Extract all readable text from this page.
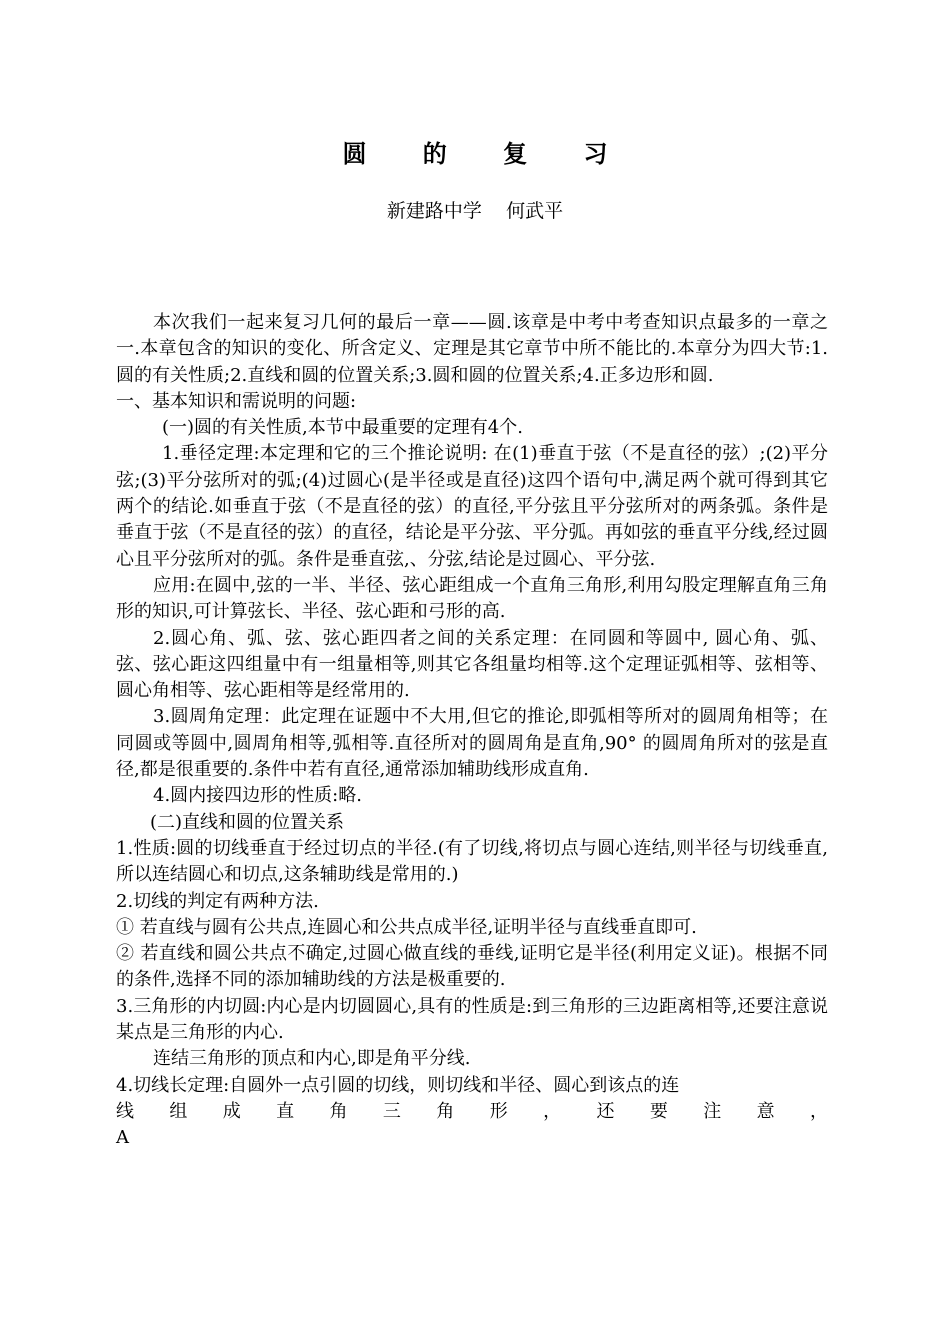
圆 的 复 习
新建路中学    何武平

本次我们一起来复习几何的最后一章——圆.该章是中考中考查知识点最多的一章之一.本章包含的知识的变化、所含定义、定理是其它章节中所不能比的.本章分为四大节:1.圆的有关性质;2.直线和圆的位置关系;3.圆和圆的位置关系;4.正多边形和圆.

一、基本知识和需说明的问题:

(一)圆的有关性质,本节中最重要的定理有4个.

1.垂径定理:本定理和它的三个推论说明: 在(1)垂直于弦（不是直径的弦）;(2)平分弦;(3)平分弦所对的弧;(4)过圆心(是半径或是直径)这四个语句中,满足两个就可得到其它两个的结论.如垂直于弦（不是直径的弦）的直径,平分弦且平分弦所对的两条弧。条件是垂直于弦（不是直径的弦）的直径，结论是平分弦、平分弧。再如弦的垂直平分线,经过圆心且平分弦所对的弧。条件是垂直弦,、分弦,结论是过圆心、平分弦.

应用:在圆中,弦的一半、半径、弦心距组成一个直角三角形,利用勾股定理解直角三角形的知识,可计算弦长、半径、弦心距和弓形的高.

2.圆心角、弧、弦、弦心距四者之间的关系定理：在同圆和等圆中, 圆心角、弧、弦、弦心距这四组量中有一组量相等,则其它各组量均相等.这个定理证弧相等、弦相等、圆心角相等、弦心距相等是经常用的.

3.圆周角定理：此定理在证题中不大用,但它的推论,即弧相等所对的圆周角相等；在同圆或等圆中,圆周角相等,弧相等.直径所对的圆周角是直角,90° 的圆周角所对的弦是直径,都是很重要的.条件中若有直径,通常添加辅助线形成直角.

4.圆内接四边形的性质:略.

(二)直线和圆的位置关系

1.性质:圆的切线垂直于经过切点的半径.(有了切线,将切点与圆心连结,则半径与切线垂直,所以连结圆心和切点,这条辅助线是常用的.)

2.切线的判定有两种方法.

① 若直线与圆有公共点,连圆心和公共点成半径,证明半径与直线垂直即可.

② 若直线和圆公共点不确定,过圆心做直线的垂线,证明它是半径(利用定义证)。根据不同的条件,选择不同的添加辅助线的方法是极重要的.

3.三角形的内切圆:内心是内切圆圆心,具有的性质是:到三角形的三边距离相等,还要注意说某点是三角形的内心.

连结三角形的顶点和内心,即是角平分线.

4.切线长定理:自圆外一点引圆的切线，则切线和半径、圆心到该点的连

线组成直角三角形，还要注意，

A
